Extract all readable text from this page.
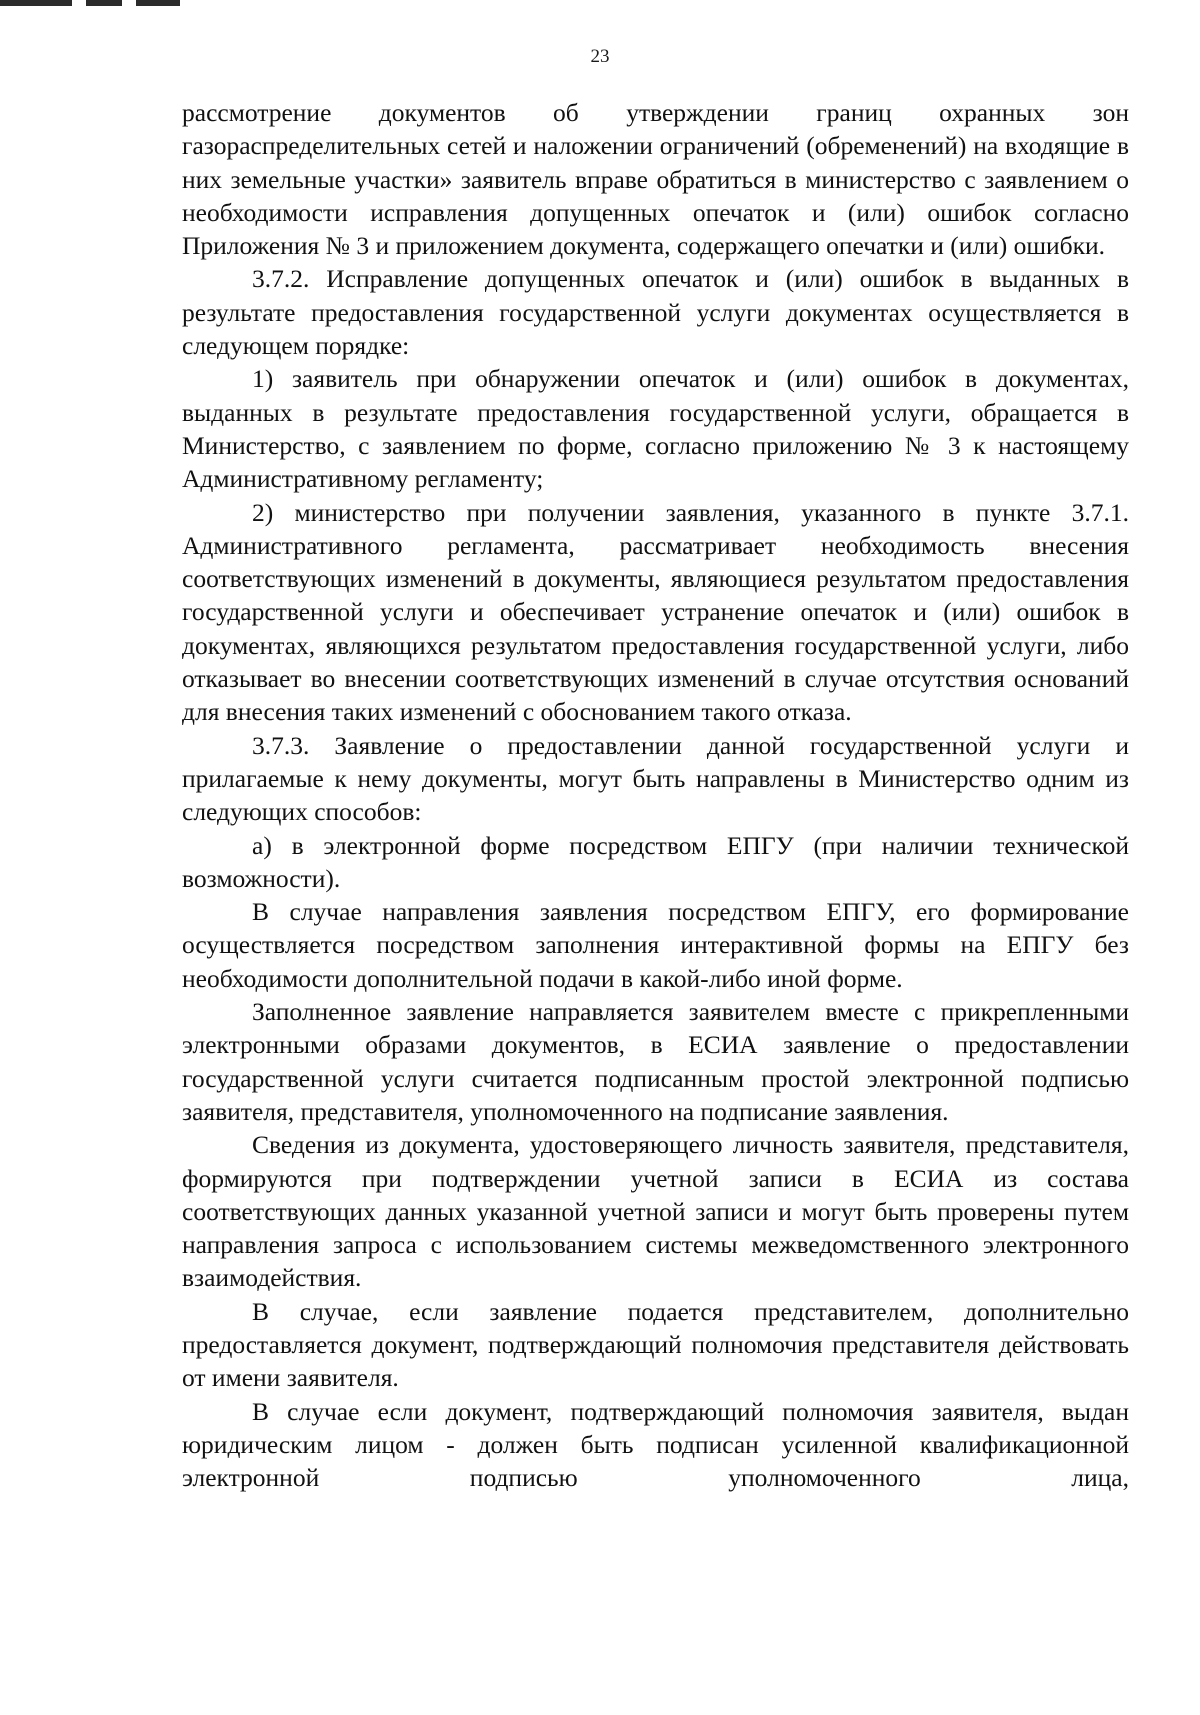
23

рассмотрение документов об утверждении границ охранных зон газораспределительных сетей и наложении ограничений (обременений) на входящие в них земельные участки» заявитель вправе обратиться в министерство с заявлением о необходимости исправления допущенных опечаток и (или) ошибок согласно Приложения № 3 и приложением документа, содержащего опечатки и (или) ошибки.

3.7.2. Исправление допущенных опечаток и (или) ошибок в выданных в результате предоставления государственной услуги документах осуществляется в следующем порядке:

1) заявитель при обнаружении опечаток и (или) ошибок в документах, выданных в результате предоставления государственной услуги, обращается в Министерство, с заявлением по форме, согласно приложению № 3 к настоящему Административному регламенту;

2) министерство при получении заявления, указанного в пункте 3.7.1. Административного регламента, рассматривает необходимость внесения соответствующих изменений в документы, являющиеся результатом предоставления государственной услуги и обеспечивает устранение опечаток и (или) ошибок в документах, являющихся результатом предоставления государственной услуги, либо отказывает во внесении соответствующих изменений в случае отсутствия оснований для внесения таких изменений с обоснованием такого отказа.

3.7.3. Заявление о предоставлении данной государственной услуги и прилагаемые к нему документы, могут быть направлены в Министерство одним из следующих способов:

а) в электронной форме посредством ЕПГУ (при наличии технической возможности).

В случае направления заявления посредством ЕПГУ, его формирование осуществляется посредством заполнения интерактивной формы на ЕПГУ без необходимости дополнительной подачи в какой-либо иной форме.

Заполненное заявление направляется заявителем вместе с прикрепленными электронными образами документов, в ЕСИА заявление о предоставлении государственной услуги считается подписанным простой электронной подписью заявителя, представителя, уполномоченного на подписание заявления.

Сведения из документа, удостоверяющего личность заявителя, представителя, формируются при подтверждении учетной записи в ЕСИА из состава соответствующих данных указанной учетной записи и могут быть проверены путем направления запроса с использованием системы межведомственного электронного взаимодействия.

В случае, если заявление подается представителем, дополнительно предоставляется документ, подтверждающий полномочия представителя действовать от имени заявителя.

В случае если документ, подтверждающий полномочия заявителя, выдан юридическим лицом - должен быть подписан усиленной квалификационной электронной подписью уполномоченного лица,
